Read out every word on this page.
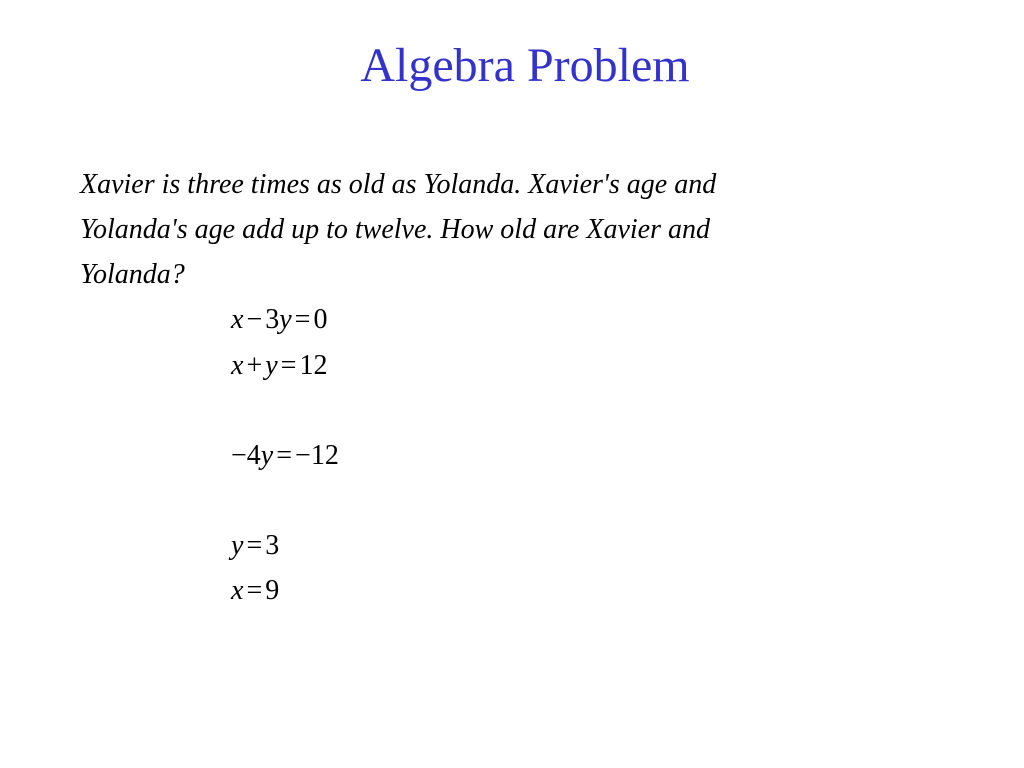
Algebra Problem
Xavier is three times as old as Yolanda. Xavier's age and
Yolanda's age add up to twelve. How old are Xavier and
Yolanda?
x − 3y = 0
x + y = 12
−4y = −12
y = 3
x = 9
